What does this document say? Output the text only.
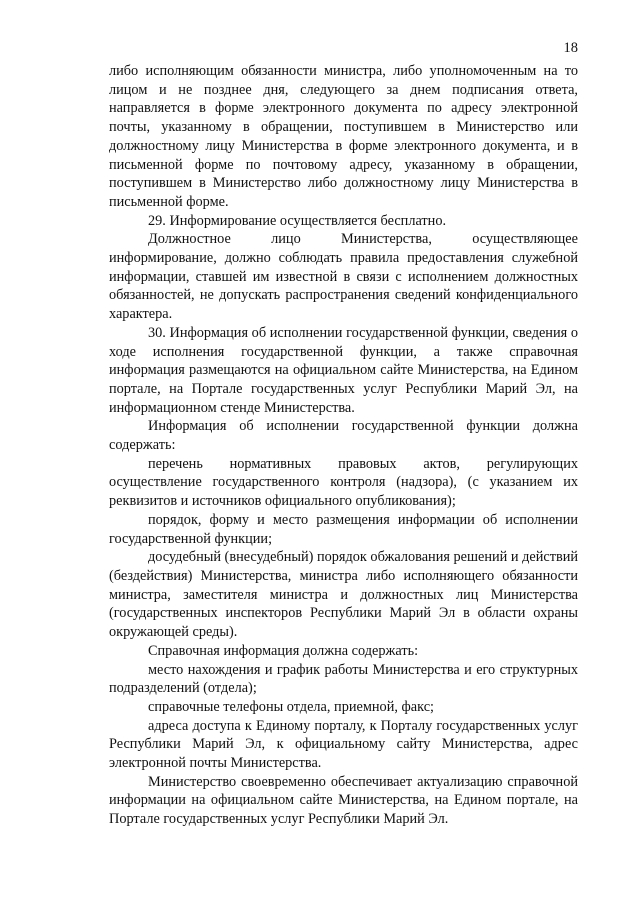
18

либо исполняющим обязанности министра, либо уполномоченным на то лицом и не позднее дня, следующего за днем подписания ответа, направляется в форме электронного документа по адресу электронной почты, указанному в обращении, поступившем в Министерство или должностному лицу Министерства в форме электронного документа, и в письменной форме по почтовому адресу, указанному в обращении, поступившем в Министерство либо должностному лицу Министерства в письменной форме.

29. Информирование осуществляется бесплатно.

Должностное лицо Министерства, осуществляющее информирование, должно соблюдать правила предоставления служебной информации, ставшей им известной в связи с исполнением должностных обязанностей, не допускать распространения сведений конфиденциального характера.

30. Информация об исполнении государственной функции, сведения о ходе исполнения государственной функции, а также справочная информация размещаются на официальном сайте Министерства, на Едином портале, на Портале государственных услуг Республики Марий Эл, на информационном стенде Министерства.

Информация об исполнении государственной функции должна содержать:

перечень нормативных правовых актов, регулирующих осуществление государственного контроля (надзора), (с указанием их реквизитов и источников официального опубликования);

порядок, форму и место размещения информации об исполнении государственной функции;

досудебный (внесудебный) порядок обжалования решений и действий (бездействия) Министерства, министра либо исполняющего обязанности министра, заместителя министра и должностных лиц Министерства (государственных инспекторов Республики Марий Эл в области охраны окружающей среды).

Справочная информация должна содержать:

место нахождения и график работы Министерства и его структурных подразделений (отдела);

справочные телефоны отдела, приемной, факс;

адреса доступа к Единому порталу, к Порталу государственных услуг Республики Марий Эл, к официальному сайту Министерства, адрес электронной почты Министерства.

Министерство своевременно обеспечивает актуализацию справочной информации на официальном сайте Министерства, на Едином портале, на Портале государственных услуг Республики Марий Эл.
